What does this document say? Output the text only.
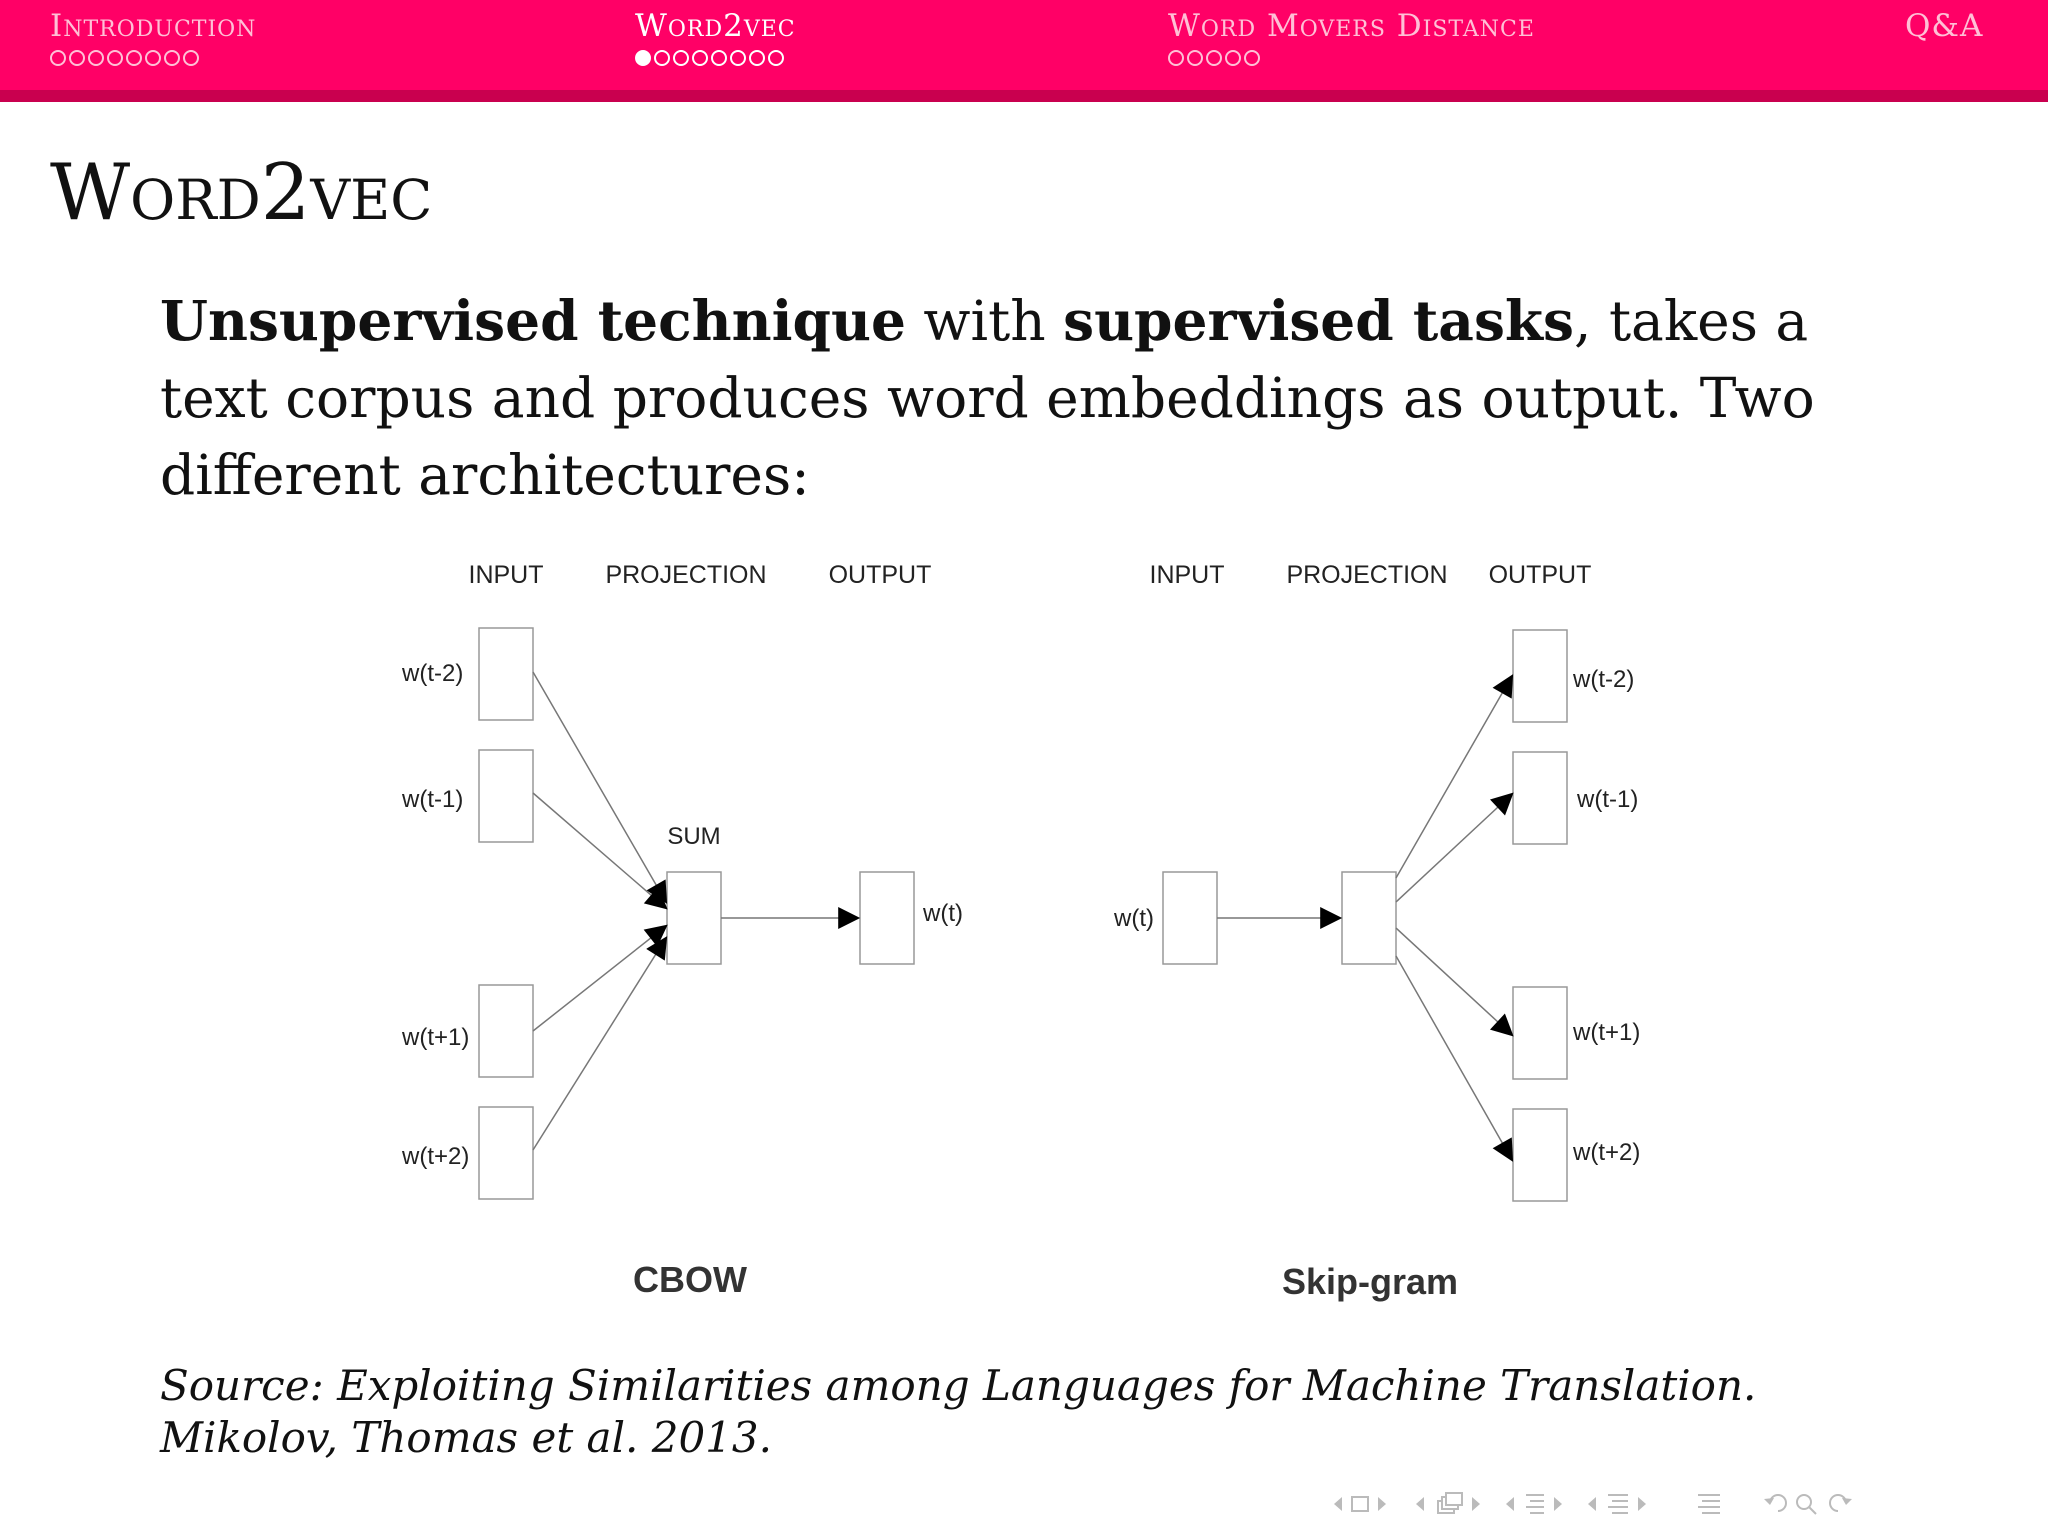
Introduction	Word2vec	Word Movers Distance	Q&A
Word2vec
Unsupervised technique with supervised tasks, takes a text corpus and produces word embeddings as output. Two different architectures:
INPUT PROJECTION OUTPUT
w(t-2)
w(t-1)
w(t+1)
w(t+2)
SUM
w(t)
CBOW
INPUT PROJECTION OUTPUT
w(t)
w(t-2)
w(t-1)
w(t+1)
w(t+2)
Skip-gram
Source: Exploiting Similarities among Languages for Machine Translation. Mikolov, Thomas et al. 2013.
